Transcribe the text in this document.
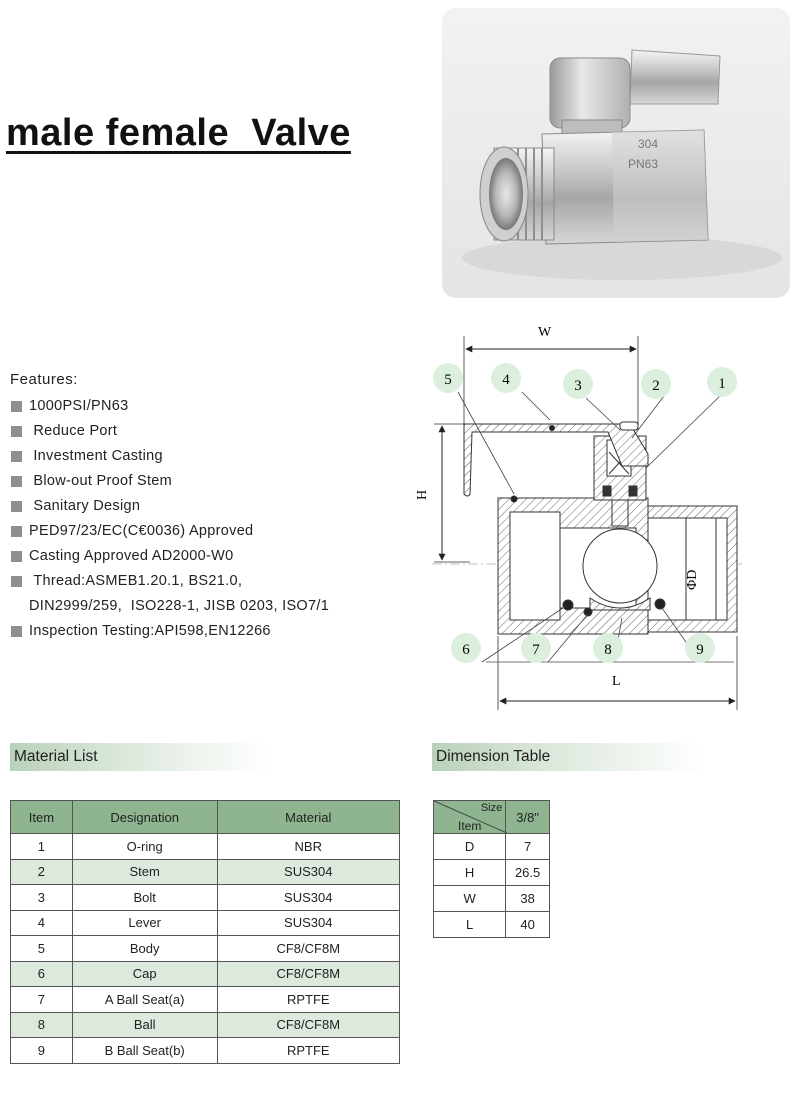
male female  Valve	304
PN63
Features:
1000PSI/PN63
Reduce Port
Investment Casting
Blow-out Proof Stem
Sanitary Design
PED97/23/EC(C€0036) Approved
Casting Approved AD2000-W0
Thread:ASMEB1.20.1, BS21.0,
DIN2999/259,  ISO228-1, JISB 0203, ISO7/1
Inspection Testing:API598,EN12266
W
H
L
ΦD
1
2
3
4
5
6	7	8	9
Material List	Dimension Table
Item	Designation	Material
1	O-ring	NBR
2	Stem	SUS304
3	Bolt	SUS304
4	Lever	SUS304
5	Body	CF8/CF8M
6	Cap	CF8/CF8M
7	A Ball Seat(a)	RPTFE
8	Ball	CF8/CF8M
9	B Ball Seat(b)	RPTFE
Size
Item	3/8"
D	7
H	26.5
W	38
L	40
